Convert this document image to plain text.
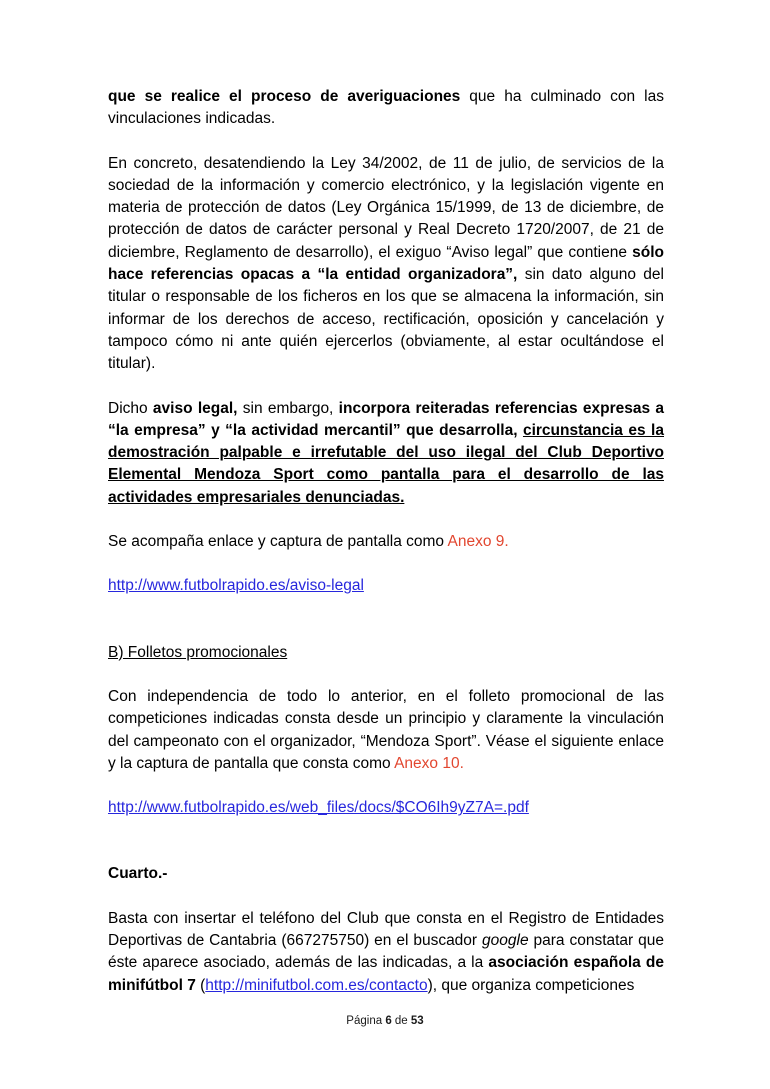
que se realice el proceso de averiguaciones que ha culminado con las vinculaciones indicadas.

En concreto, desatendiendo la Ley 34/2002, de 11 de julio, de servicios de la sociedad de la información y comercio electrónico, y la legislación vigente en materia de protección de datos (Ley Orgánica 15/1999, de 13 de diciembre, de protección de datos de carácter personal y Real Decreto 1720/2007, de 21 de diciembre, Reglamento de desarrollo), el exiguo “Aviso legal” que contiene sólo hace referencias opacas a “la entidad organizadora”, sin dato alguno del titular o responsable de los ficheros en los que se almacena la información, sin informar de los derechos de acceso, rectificación, oposición y cancelación y tampoco cómo ni ante quién ejercerlos (obviamente, al estar ocultándose el titular).

Dicho aviso legal, sin embargo, incorpora reiteradas referencias expresas a “la empresa” y “la actividad mercantil” que desarrolla, circunstancia es la demostración palpable e irrefutable del uso ilegal del Club Deportivo Elemental Mendoza Sport como pantalla para el desarrollo de las actividades empresariales denunciadas.

Se acompaña enlace y captura de pantalla como Anexo 9.

http://www.futbolrapido.es/aviso-legal

B) Folletos promocionales

Con independencia de todo lo anterior, en el folleto promocional de las competiciones indicadas consta desde un principio y claramente la vinculación del campeonato con el organizador, “Mendoza Sport”. Véase el siguiente enlace y la captura de pantalla que consta como Anexo 10.

http://www.futbolrapido.es/web_files/docs/$CO6Ih9yZ7A=.pdf

Cuarto.-

Basta con insertar el teléfono del Club que consta en el Registro de Entidades Deportivas de Cantabria (667275750) en el buscador google para constatar que éste aparece asociado, además de las indicadas, a la asociación española de minifútbol 7 (http://minifutbol.com.es/contacto), que organiza competiciones

Página 6 de 53
